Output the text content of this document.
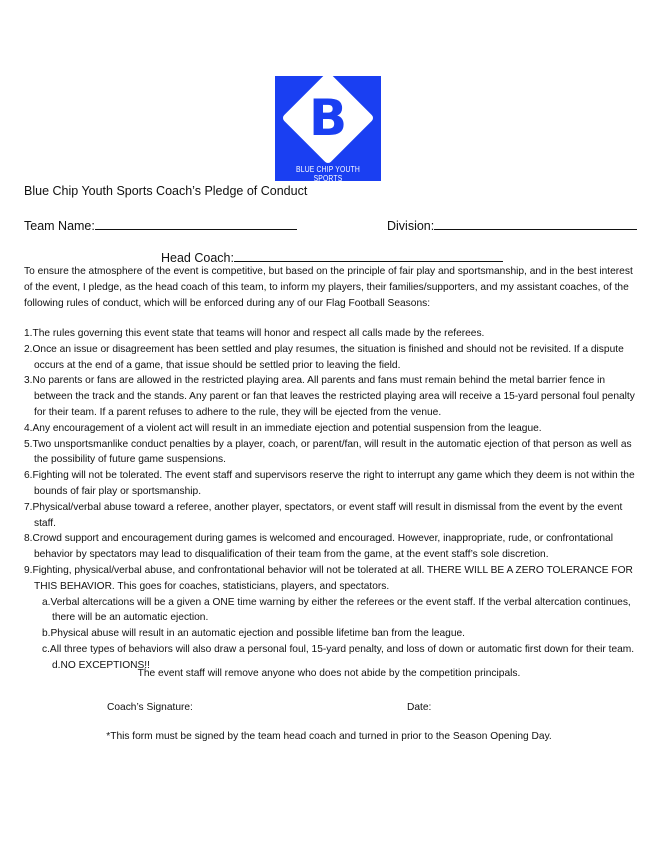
B
BLUE CHIP YOUTH SPORTS
Blue Chip Youth Sports Coach’s Pledge of Conduct
Team Name:	Division:
Head Coach:
To ensure the atmosphere of the event is competitive, but based on the principle of fair play and sportsmanship, and in the best interest of the event, I pledge, as the head coach of this team, to inform my players, their families/supporters, and my assistant coaches, of the following rules of conduct, which will be enforced during any of our Flag Football Seasons:
1.The rules governing this event state that teams will honor and respect all calls made by the referees.
2.Once an issue or disagreement has been settled and play resumes, the situation is finished and should not be revisited. If a dispute occurs at the end of a game, that issue should be settled prior to leaving the field.
3.No parents or fans are allowed in the restricted playing area. All parents and fans must remain behind the metal barrier fence in between the track and the stands. Any parent or fan that leaves the restricted playing area will receive a 15-yard personal foul penalty for their team. If a parent refuses to adhere to the rule, they will be ejected from the venue.
4.Any encouragement of a violent act will result in an immediate ejection and potential suspension from the league.
5.Two unsportsmanlike conduct penalties by a player, coach, or parent/fan, will result in the automatic ejection of that person as well as the possibility of future game suspensions.
6.Fighting will not be tolerated. The event staff and supervisors reserve the right to interrupt any game which they deem is not within the bounds of fair play or sportsmanship.
7.Physical/verbal abuse toward a referee, another player, spectators, or event staff will result in dismissal from the event by the event staff.
8.Crowd support and encouragement during games is welcomed and encouraged. However, inappropriate, rude, or confrontational behavior by spectators may lead to disqualification of their team from the game, at the event staff’s sole discretion.
9.Fighting, physical/verbal abuse, and confrontational behavior will not be tolerated at all. THERE WILL BE A ZERO TOLERANCE FOR THIS BEHAVIOR. This goes for coaches, statisticians, players, and spectators.
a.Verbal altercations will be a given a ONE time warning by either the referees or the event staff. If the verbal altercation continues, there will be an automatic ejection.
b.Physical abuse will result in an automatic ejection and possible lifetime ban from the league.
c.All three types of behaviors will also draw a personal foul, 15-yard penalty, and loss of down or automatic first down for their team. d.NO EXCEPTIONS!!
The event staff will remove anyone who does not abide by the competition principals.
Coach’s Signature:	Date:
*This form must be signed by the team head coach and turned in prior to the Season Opening Day.
